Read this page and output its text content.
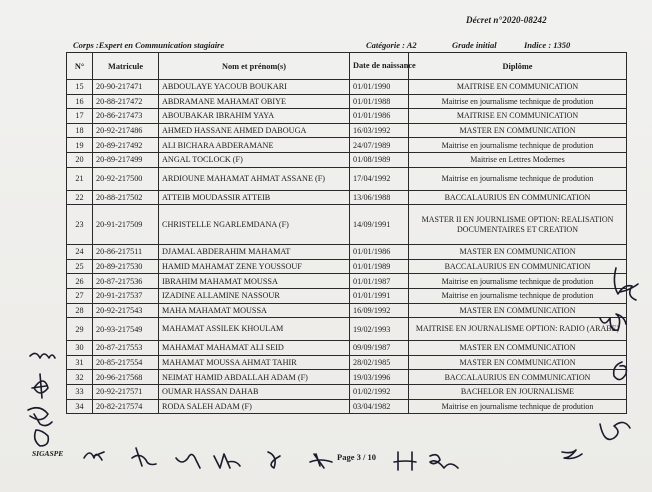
Décret n°2020-08242
Corps :Expert en Communication stagiaire	Catégorie : A2	Grade initial	Indice : 1350
N°	Matricule	Nom et prénom(s)	Date de naissance	Diplôme
15	20-90-217471	ABDOULAYE YACOUB BOUKARI	01/01/1990	MAITRISE EN COMMUNICATION
16	20-88-217472	ABDRAMANE MAHAMAT OBIYE	01/01/1988	Maitrise en journalisme technique de prodution
17	20-86-217473	ABOUBAKAR IBRAHIM YAYA	01/01/1986	MAITRISE EN COMMUNICATION
18	20-92-217486	AHMED HASSANE AHMED DABOUGA	16/03/1992	MASTER EN COMMUNICATION
19	20-89-217492	ALI BICHARA ABDERAMANE	24/07/1989	Maitrise en journalisme technique de prodution
20	20-89-217499	ANGAL TOCLOCK (F)	01/08/1989	Maitrise en Lettres Modernes
21	20-92-217500	ARDIOUNE MAHAMAT AHMAT ASSANE (F)	17/04/1992	Maitrise en journalisme technique de prodution
22	20-88-217502	ATTEIB MOUDASSIR ATTEIB	13/06/1988	BACCALAURIUS EN COMMUNICATION
23	20-91-217509	CHRISTELLE NGARLEMDANA (F)	14/09/1991	MASTER II EN JOURNLISME OPTION: REALISATION DOCUMENTAIRES ET CREATION
24	20-86-217511	DJAMAL ABDERAHIM MAHAMAT	01/01/1986	MASTER EN COMMUNICATION
25	20-89-217530	HAMID MAHAMAT ZENE YOUSSOUF	01/01/1989	BACCALAURIUS EN COMMUNICATION
26	20-87-217536	IBRAHIM MAHAMAT MOUSSA	01/01/1987	Maitrise en journalisme technique de prodution
27	20-91-217537	IZADINE ALLAMINE NASSOUR	01/01/1991	Maitrise en journalisme technique de prodution
28	20-92-217543	MAHA MAHAMAT MOUSSA	16/09/1992	MASTER EN COMMUNICATION
29	20-93-217549	MAHAMAT ASSILEK KHOULAM	19/02/1993	MAITRISE EN JOURNALISME OPTION: RADIO (ARABE)
30	20-87-217553	MAHAMAT MAHAMAT ALI SEID	09/09/1987	MASTER EN COMMUNICATION
31	20-85-217554	MAHAMAT MOUSSA AHMAT TAHIR	28/02/1985	MASTER EN COMMUNICATION
32	20-96-217568	NEIMAT HAMID ABDALLAH ADAM (F)	19/03/1996	BACCALAURIUS EN COMMUNICATION
33	20-92-217571	OUMAR HASSAN DAHAB	01/02/1992	BACHELOR EN JOURNALISME
34	20-82-217574	RODA SALEH ADAM (F)	03/04/1982	Maitrise en journalisme technique de prodution
SIGASPE	Page 3 / 10
